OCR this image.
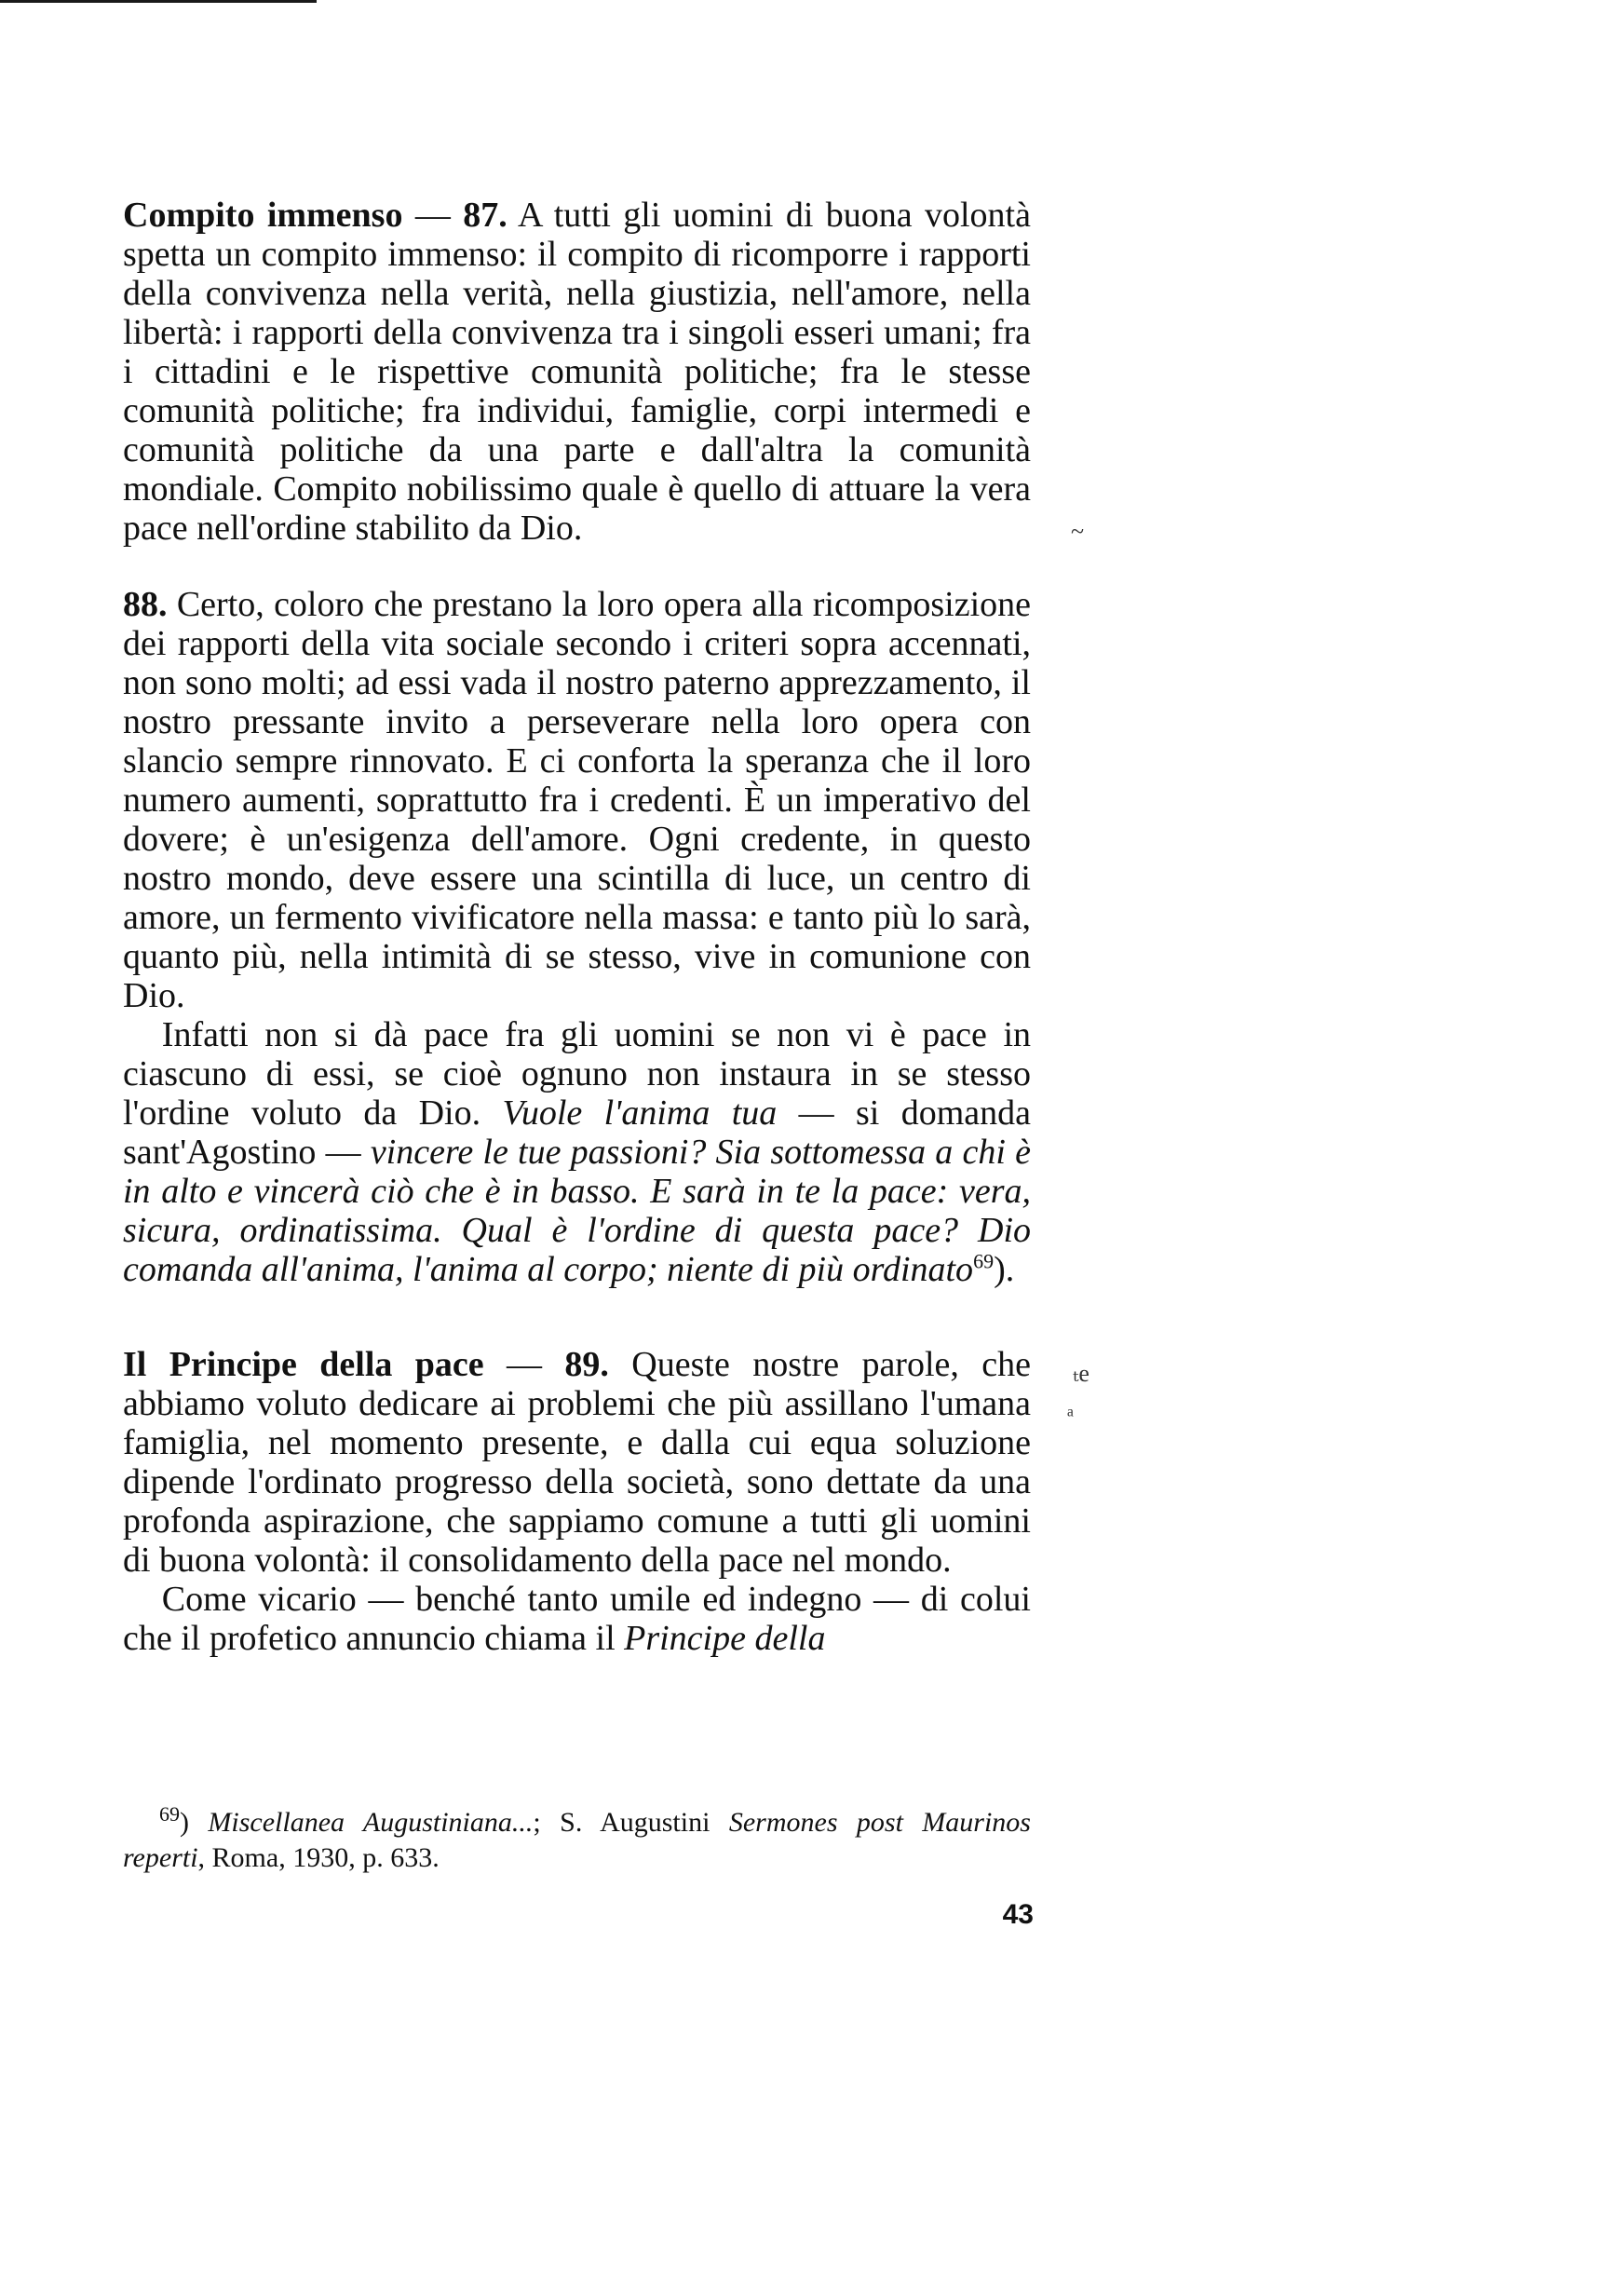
Compito immenso — 87. A tutti gli uomini di buona volontà spetta un compito immenso: il compito di ricomporre i rapporti della convivenza nella verità, nella giustizia, nell'amore, nella libertà: i rapporti della convivenza tra i singoli esseri umani; fra i cittadini e le rispettive comunità politiche; fra le stesse comunità politiche; fra individui, famiglie, corpi intermedi e comunità politiche da una parte e dall'altra la comunità mondiale. Compito nobilissimo quale è quello di attuare la vera pace nell'ordine stabilito da Dio.

88. Certo, coloro che prestano la loro opera alla ricomposizione dei rapporti della vita sociale secondo i criteri sopra accennati, non sono molti; ad essi vada il nostro paterno apprezzamento, il nostro pressante invito a perseverare nella loro opera con slancio sempre rinnovato. E ci conforta la speranza che il loro numero aumenti, soprattutto fra i credenti. È un imperativo del dovere; è un'esigenza dell'amore. Ogni credente, in questo nostro mondo, deve essere una scintilla di luce, un centro di amore, un fermento vivificatore nella massa: e tanto più lo sarà, quanto più, nella intimità di se stesso, vive in comunione con Dio.

Infatti non si dà pace fra gli uomini se non vi è pace in ciascuno di essi, se cioè ognuno non instaura in se stesso l'ordine voluto da Dio. Vuole l'anima tua — si domanda sant'Agostino — vincere le tue passioni? Sia sottomessa a chi è in alto e vincerà ciò che è in basso. E sarà in te la pace: vera, sicura, ordinatissima. Qual è l'ordine di questa pace? Dio comanda all'anima, l'anima al corpo; niente di più ordinato$^{69}$).

Il Principe della pace — 89. Queste nostre parole, che abbiamo voluto dedicare ai problemi che più assillano l'umana famiglia, nel momento presente, e dalla cui equa soluzione dipende l'ordinato progresso della società, sono dettate da una profonda aspirazione, che sappiamo comune a tutti gli uomini di buona volontà: il consolidamento della pace nel mondo.

Come vicario — benché tanto umile ed indegno — di colui che il profetico annuncio chiama il Principe della

$^{69}$) Miscellanea Augustiniana...; S. Augustini Sermones post Maurinos reperti, Roma, 1930, p. 633.

43
~
ₜe
ₐ
